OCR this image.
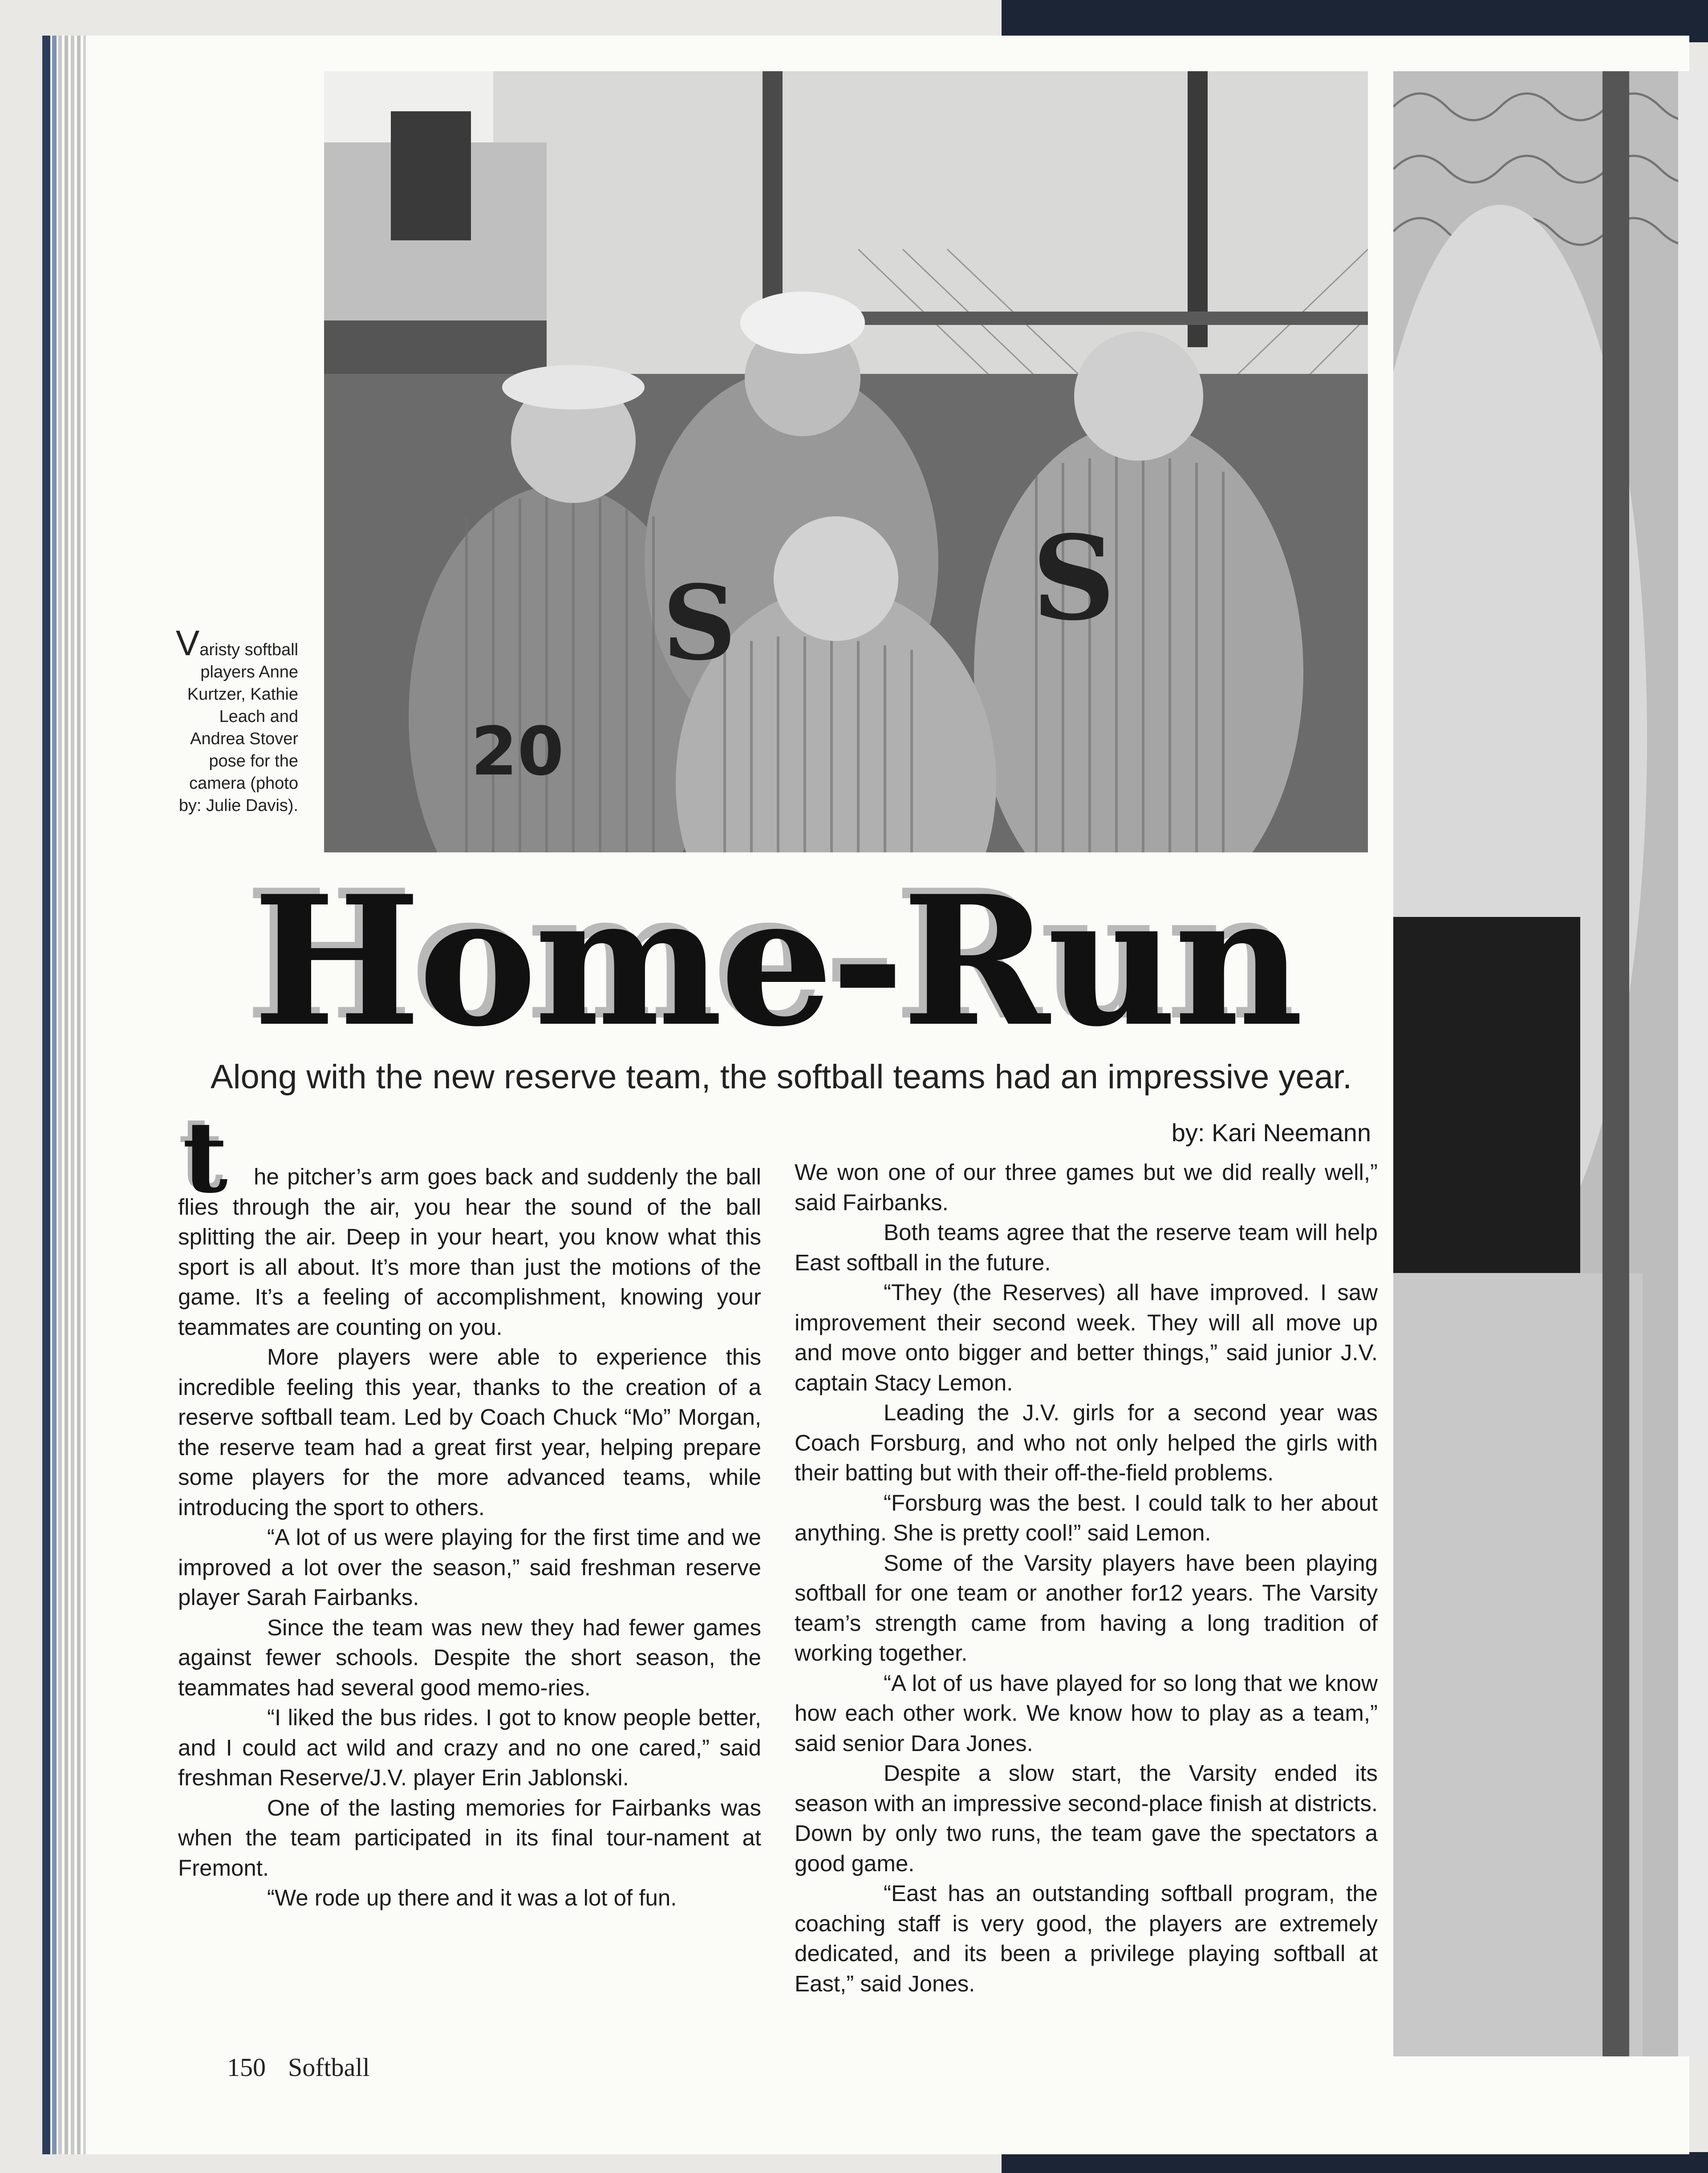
S	S
20
Varisty softball players Anne Kurtzer, Kathie Leach and Andrea Stover pose for the camera (photo by: Julie Davis).
Home-Run
Along with the new reserve team, the softball teams had an impressive year.
by: Kari Neemann
t	he pitcher’s arm goes back and suddenly the ball flies through the air, you hear the sound of the ball splitting the air. Deep in your heart, you know what this sport is all about. It’s more than just the motions of the game. It’s a feeling of accomplishment, knowing your teammates are counting on you.

More players were able to experience this incredible feeling this year, thanks to the creation of a reserve softball team. Led by Coach Chuck “Mo” Morgan, the reserve team had a great first year, helping prepare some players for the more advanced teams, while introducing the sport to others.

“A lot of us were playing for the first time and we improved a lot over the season,” said freshman reserve player Sarah Fairbanks.

Since the team was new they had fewer games against fewer schools. Despite the short season, the teammates had several good memo-ries.

“I liked the bus rides. I got to know people better, and I could act wild and crazy and no one cared,” said freshman Reserve/J.V. player Erin Jablonski.

One of the lasting memories for Fairbanks was when the team participated in its final tour-nament at Fremont.

“We rode up there and it was a lot of fun.

We won one of our three games but we did really well,” said Fairbanks.

Both teams agree that the reserve team will help East softball in the future.

“They (the Reserves) all have improved. I saw improvement their second week. They will all move up and move onto bigger and better things,” said junior J.V. captain Stacy Lemon.

Leading the J.V. girls for a second year was Coach Forsburg, and who not only helped the girls with their batting but with their off-the-field problems.

“Forsburg was the best. I could talk to her about anything. She is pretty cool!” said Lemon.

Some of the Varsity players have been playing softball for one team or another for12 years. The Varsity team’s strength came from having a long tradition of working together.

“A lot of us have played for so long that we know how each other work. We know how to play as a team,” said senior Dara Jones.

Despite a slow start, the Varsity ended its season with an impressive second-place finish at districts. Down by only two runs, the team gave the spectators a good game.

“East has an outstanding softball program, the coaching staff is very good, the players are extremely dedicated, and its been a privilege playing softball at East,” said Jones.

150 Softball
